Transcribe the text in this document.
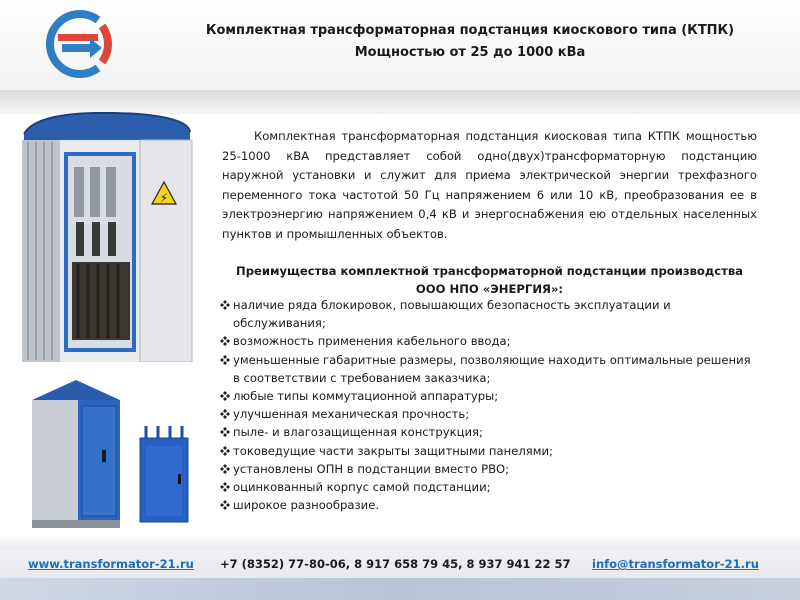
Комплектная трансформаторная подстанция киоскового типа (КТПК)
Мощностью от 25 до 1000 кВа
⚡
Комплектная трансформаторная подстанция киосковая типа КТПК мощностью 25-1000 кВА представляет собой одно(двух)трансформаторную подстанцию наружной установки и служит для приема электрической энергии трехфазного переменного тока частотой 50 Гц напряжением 6 или 10 кВ, преобразования ее в электроэнергию напряжением 0,4 кВ и энергоснабжения ею отдельных населенных пунктов и промышленных объектов.
Преимущества комплектной трансформаторной подстанции производства
ООО НПО «ЭНЕРГИЯ»:
наличие ряда блокировок, повышающих безопасность эксплуатации и обслуживания;
возможность применения кабельного ввода;
уменьшенные габаритные размеры, позволяющие находить оптимальные решения в соответствии с требованием заказчика;
любые типы коммутационной аппаратуры;
улучшенная механическая прочность;
пыле- и влагозащищенная конструкция;
токоведущие части закрыты защитными панелями;
установлены ОПН в подстанции вместо РВО;
оцинкованный корпус самой подстанции;
широкое разнообразие.
www.transformator-21.ru +7 (8352) 77-80-06, 8 917 658 79 45, 8 937 941 22 57 info@transformator-21.ru
